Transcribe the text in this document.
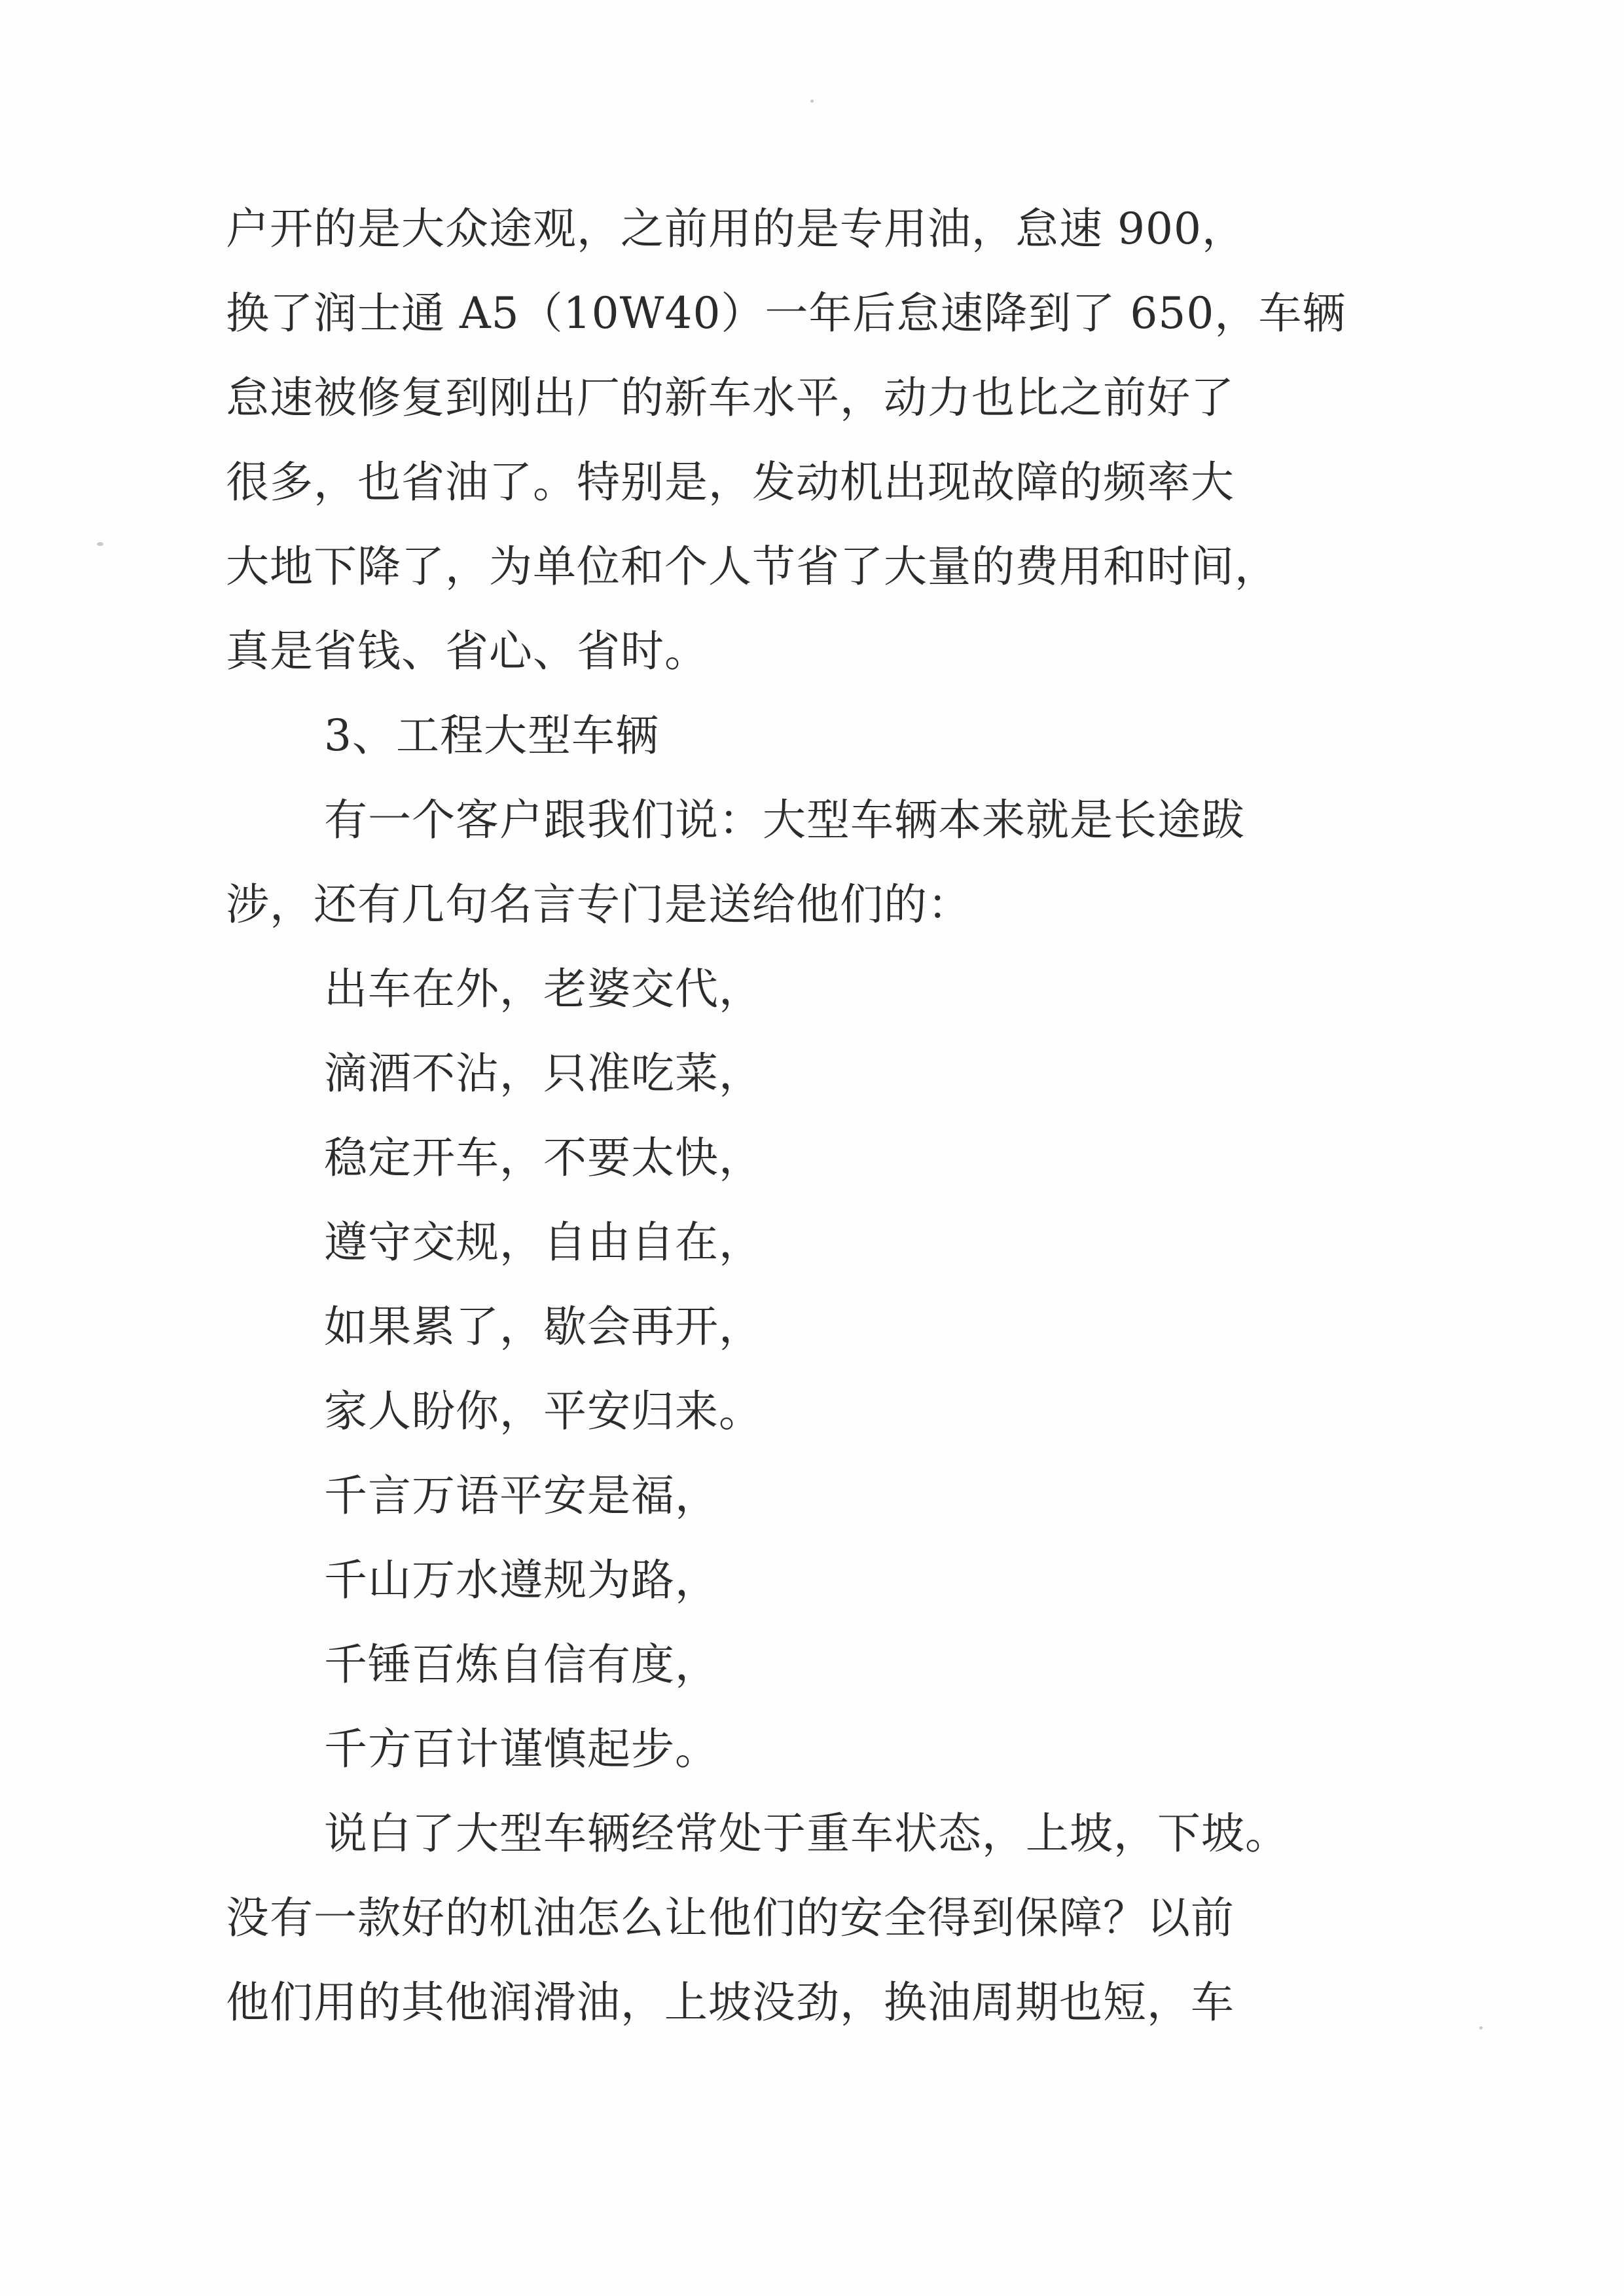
户开的是大众途观，之前用的是专用油，怠速 900，
换了润士通 A5（10W40）一年后怠速降到了 650，车辆
怠速被修复到刚出厂的新车水平，动力也比之前好了
很多，也省油了。特别是，发动机出现故障的频率大
大地下降了，为单位和个人节省了大量的费用和时间，
真是省钱、省心、省时。
3、工程大型车辆
有一个客户跟我们说：大型车辆本来就是长途跋
涉，还有几句名言专门是送给他们的：
出车在外，老婆交代，
滴酒不沾，只准吃菜，
稳定开车，不要太快，
遵守交规，自由自在，
如果累了，歇会再开，
家人盼你，平安归来。
千言万语平安是福，
千山万水遵规为路，
千锤百炼自信有度，
千方百计谨慎起步。
说白了大型车辆经常处于重车状态，上坡，下坡。
没有一款好的机油怎么让他们的安全得到保障？以前
他们用的其他润滑油，上坡没劲，换油周期也短，车
